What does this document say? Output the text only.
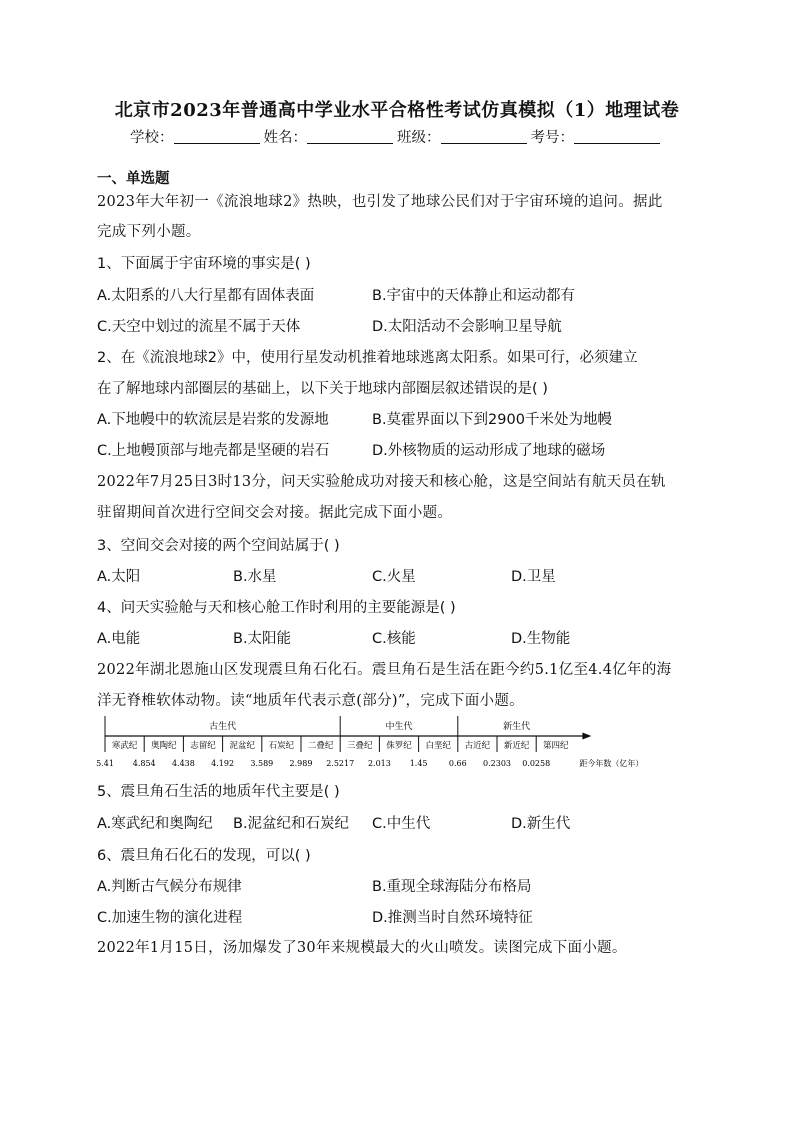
北京市2023年普通高中学业水平合格性考试仿真模拟（1）地理试卷
学校：	姓名：	班级：	考号：
一、单选题
2023年大年初一《流浪地球2》热映，也引发了地球公民们对于宇宙环境的追问。据此
完成下列小题。
1、下面属于宇宙环境的事实是( )
A.太阳系的八大行星都有固体表面	B.宇宙中的天体静止和运动都有
C.天空中划过的流星不属于天体	D.太阳活动不会影响卫星导航
2、在《流浪地球2》中，使用行星发动机推着地球逃离太阳系。如果可行，必须建立
在了解地球内部圈层的基础上，以下关于地球内部圈层叙述错误的是( )
A.下地幔中的软流层是岩浆的发源地	B.莫霍界面以下到2900千米处为地幔
C.上地幔顶部与地壳都是坚硬的岩石	D.外核物质的运动形成了地球的磁场
2022年7月25日3时13分，问天实验舱成功对接天和核心舱，这是空间站有航天员在轨
驻留期间首次进行空间交会对接。据此完成下面小题。
3、空间交会对接的两个空间站属于( )
A.太阳	B.水星	C.火星	D.卫星
4、问天实验舱与天和核心舱工作时利用的主要能源是( )
A.电能	B.太阳能	C.核能	D.生物能
2022年湖北恩施山区发现震旦角石化石。震旦角石是生活在距今约5.1亿至4.4亿年的海
洋无脊椎软体动物。读“地质年代表示意(部分)”，完成下面小题。
古生代	中生代	新生代
寒武纪 奥陶纪 志留纪 泥盆纪 石炭纪 二叠纪 三叠纪 侏罗纪 白垩纪 古近纪 新近纪 第四纪
5.41 4.854 4.438 4.192 3.589 2.989 2.5217 2.013 1.45	0.66 0.2303 0.0258	距今年数（亿年）
5、震旦角石生活的地质年代主要是( )
A.寒武纪和奥陶纪 B.泥盆纪和石炭纪 C.中生代	D.新生代
6、震旦角石化石的发现，可以( )
A.判断古气候分布规律	B.重现全球海陆分布格局
C.加速生物的演化进程	D.推测当时自然环境特征
2022年1月15日，汤加爆发了30年来规模最大的火山喷发。读图完成下面小题。
